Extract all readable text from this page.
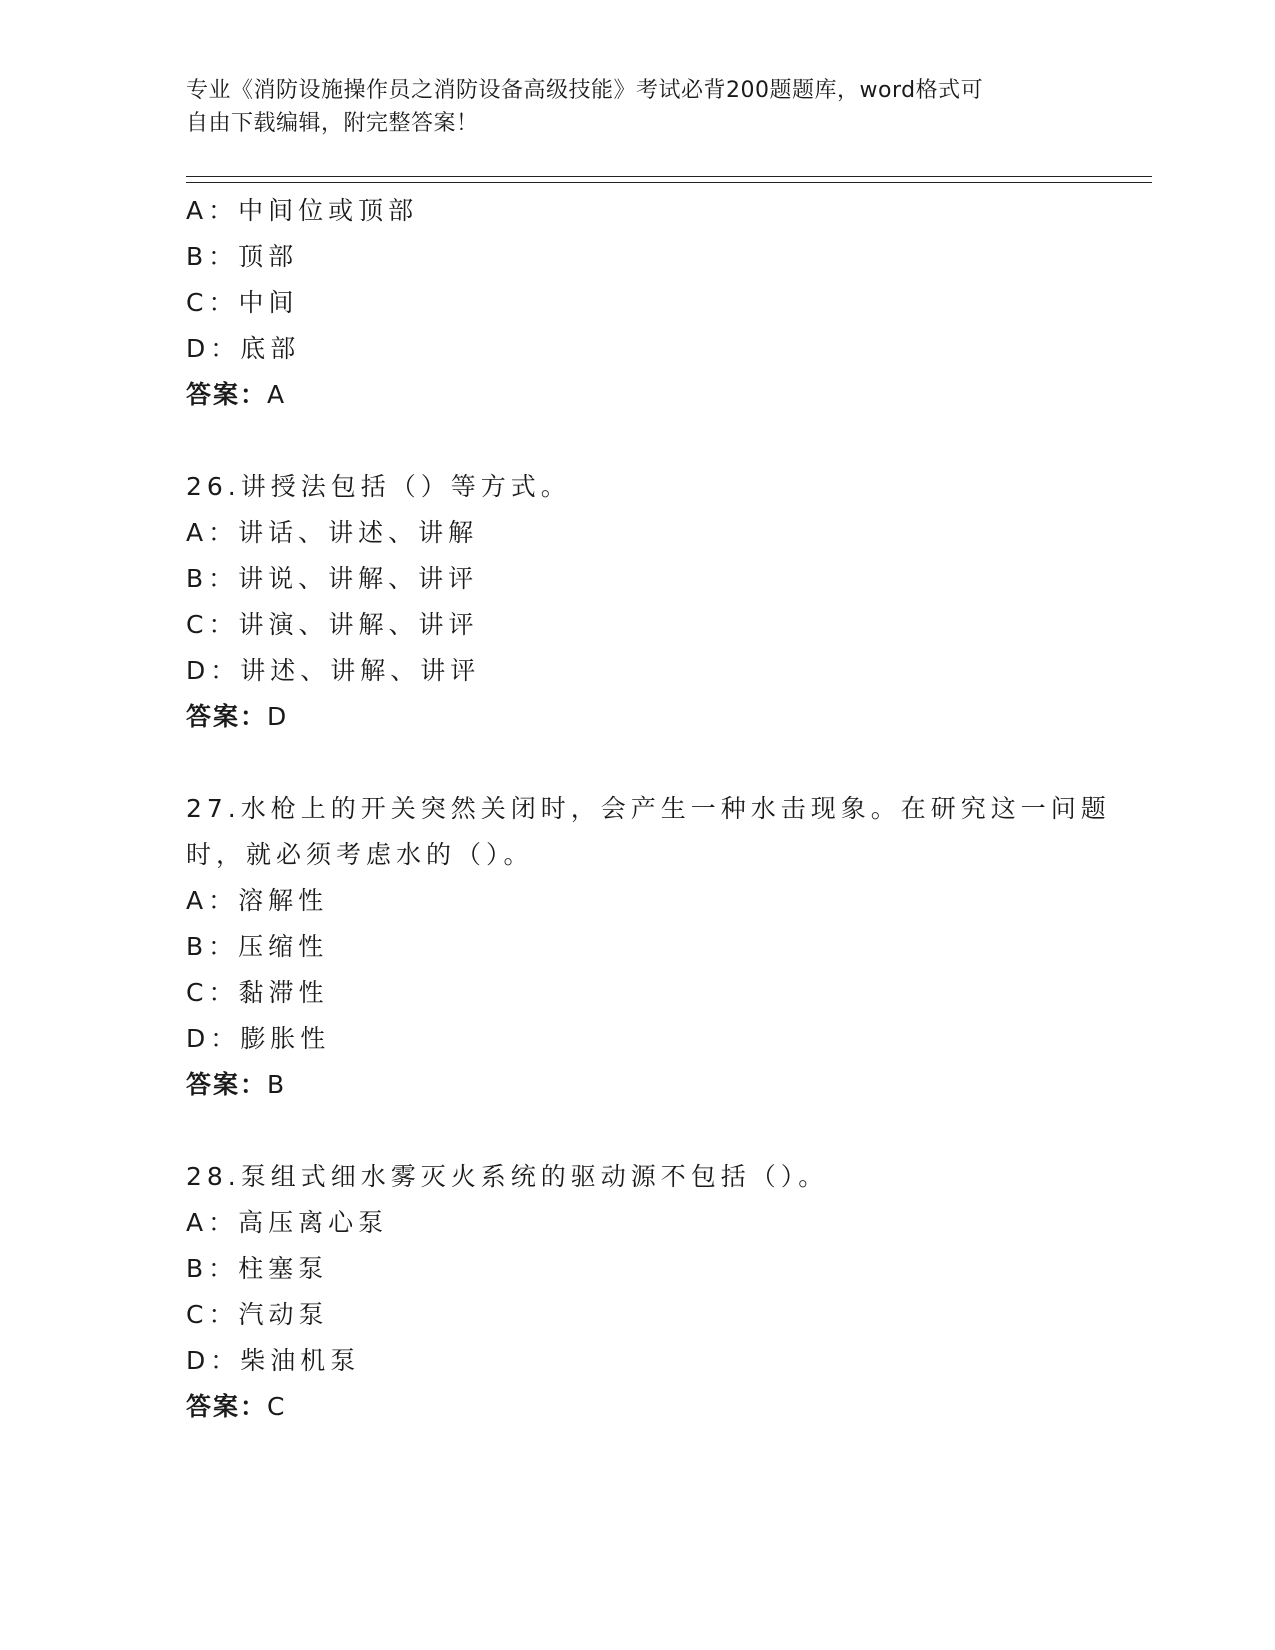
专业《消防设施操作员之消防设备高级技能》考试必背200题题库，word格式可
自由下载编辑，附完整答案！
A：中间位或顶部
B：顶部
C：中间
D：底部
答案：A
26.讲授法包括（）等方式。
A：讲话、讲述、讲解
B：讲说、讲解、讲评
C：讲演、讲解、讲评
D：讲述、讲解、讲评
答案：D
27.水枪上的开关突然关闭时，会产生一种水击现象。在研究这一问题
时，就必须考虑水的（）。
A：溶解性
B：压缩性
C：黏滞性
D：膨胀性
答案：B
28.泵组式细水雾灭火系统的驱动源不包括（）。
A：高压离心泵
B：柱塞泵
C：汽动泵
D：柴油机泵
答案：C
